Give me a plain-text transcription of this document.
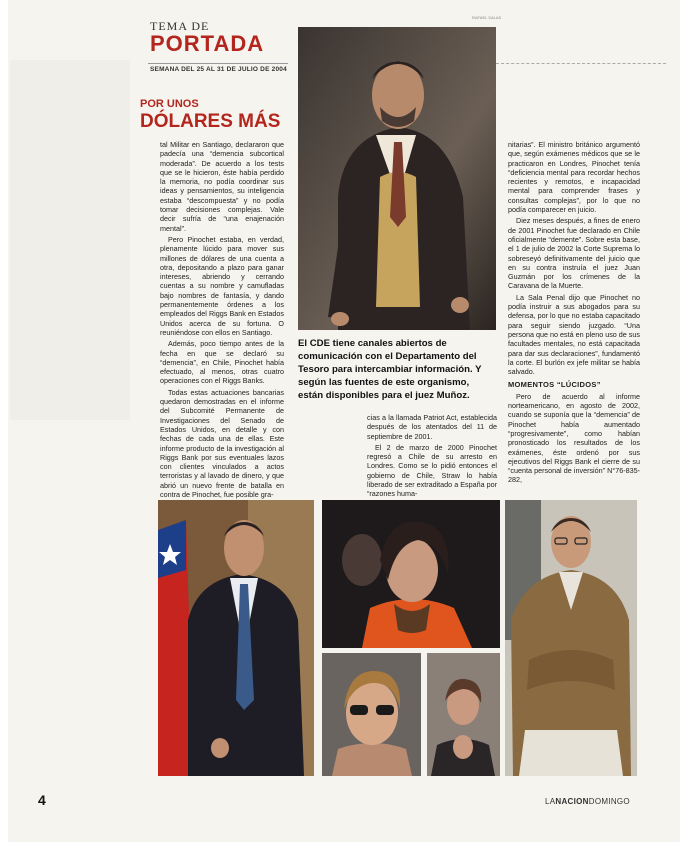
TEMA DE
PORTADA
SEMANA DEL 25 AL 31 DE JULIO DE 2004
POR UNOS
DÓLARES MÁS
RAFAEL SALAS
El CDE tiene canales abiertos de comunicación con el Departamento del Tesoro para intercambiar información. Y según las fuentes de este organismo, están disponibles para el juez Muñoz.

tal Militar en Santiago, declararon que padecía una “demencia subcortical moderada”. De acuerdo a los tests que se le hicieron, éste había perdido la memoria, no podía coordinar sus ideas y pensamientos, su inteligencia estaba “descompuesta” y no podía tomar decisiones complejas. Vale decir sufría de “una enajenación mental”.

Pero Pinochet estaba, en verdad, plenamente lúcido para mover sus millones de dólares de una cuenta a otra, depositando a plazo para ganar intereses, abriendo y cerrando cuentas a su nombre y camufladas bajo nombres de fantasía, y dando permanentemente órdenes a los empleados del Riggs Bank en Estados Unidos acerca de su fortuna. O reuniéndose con ellos en Santiago.

Además, poco tiempo antes de la fecha en que se declaró su “demencia”, en Chile, Pinochet había efectuado, al menos, otras cuatro operaciones con el Riggs Banks.

Todas estas actuaciones bancarias quedaron demostradas en el informe del Subcomité Permanente de Investigaciones del Senado de Estados Unidos, en detalle y con fechas de cada una de ellas. Este informe producto de la investigación al Riggs Bank por sus eventuales lazos con clientes vinculados a actos terroristas y al lavado de dinero, y que abrió un nuevo frente de batalla en contra de Pinochet, fue posible gra-

cias a la llamada Patriot Act, establecida después de los atentados del 11 de septiembre de 2001.

El 2 de marzo de 2000 Pinochet regresó a Chile de su arresto en Londres. Como se lo pidió entonces el gobierno de Chile, Straw lo había liberado de ser extraditado a España por “razones huma-

nitarias”. El ministro británico argumentó que, según exámenes médicos que se le practicaron en Londres, Pinochet tenía “deficiencia mental para recordar hechos recientes y remotos, e incapacidad mental para comprender frases y consultas complejas”, por lo que no podía comparecer en juicio.

Diez meses después, a fines de enero de 2001 Pinochet fue declarado en Chile oficialmente “demente”. Sobre esta base, el 1 de julio de 2002 la Corte Suprema lo sobreseyó definitivamente del juicio que en su contra instruía el juez Juan Guzmán por los crímenes de la Caravana de la Muerte.

La Sala Penal dijo que Pinochet no podía instruir a sus abogados para su defensa, por lo que no estaba capacitado para seguir siendo juzgado. “Una persona que no está en pleno uso de sus facultades mentales, no está capacitada para dar sus declaraciones”, fundamentó la corte. El burlón ex jefe militar se había salvado.

MOMENTOS “LÚCIDOS”

Pero de acuerdo al informe norteamericano, en agosto de 2002, cuando se suponía que la “demencia” de Pinochet había aumentado “progresivamente”, como habían pronosticado los resultados de los exámenes, éste ordenó por sus ejecutivos del Riggs Bank el cierre de su “cuenta personal de inversión” N°76-835-282,

4	LANACIONDOMINGO
